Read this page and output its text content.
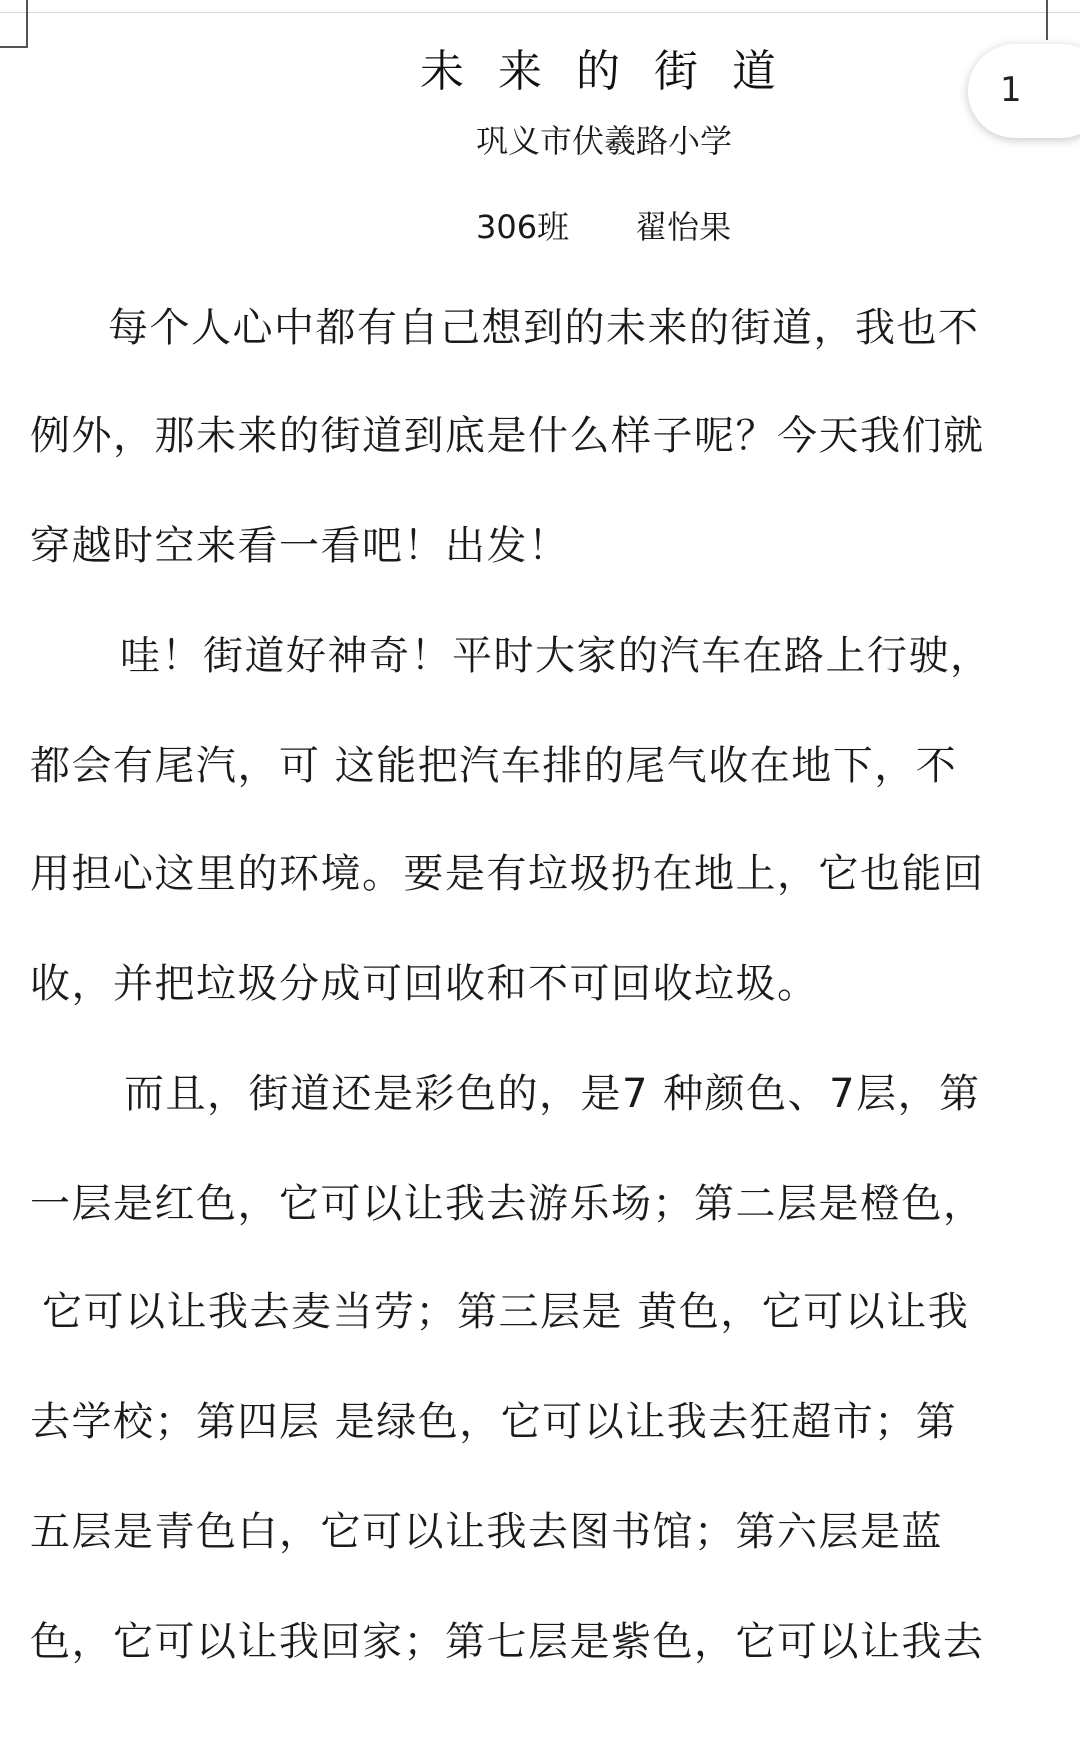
1
未来的街道
巩义市伏羲路小学
306班 翟怡果
每个人心中都有自己想到的未来的街道，我也不
例外，那未来的街道到底是什么样子呢？今天我们就
穿越时空来看一看吧！出发！
哇！街道好神奇！平时大家的汽车在路上行驶，
都会有尾汽，可 这能把汽车排的尾气收在地下，不
用担心这里的环境。要是有垃圾扔在地上，它也能回
收，并把垃圾分成可回收和不可回收垃圾。
而且，街道还是彩色的，是7 种颜色、7层，第
一层是红色，它可以让我去游乐场；第二层是橙色，
它可以让我去麦当劳；第三层是 黄色，它可以让我
去学校；第四层 是绿色，它可以让我去狂超市；第
五层是青色白，它可以让我去图书馆；第六层是蓝
色，它可以让我回家；第七层是紫色，它可以让我去
